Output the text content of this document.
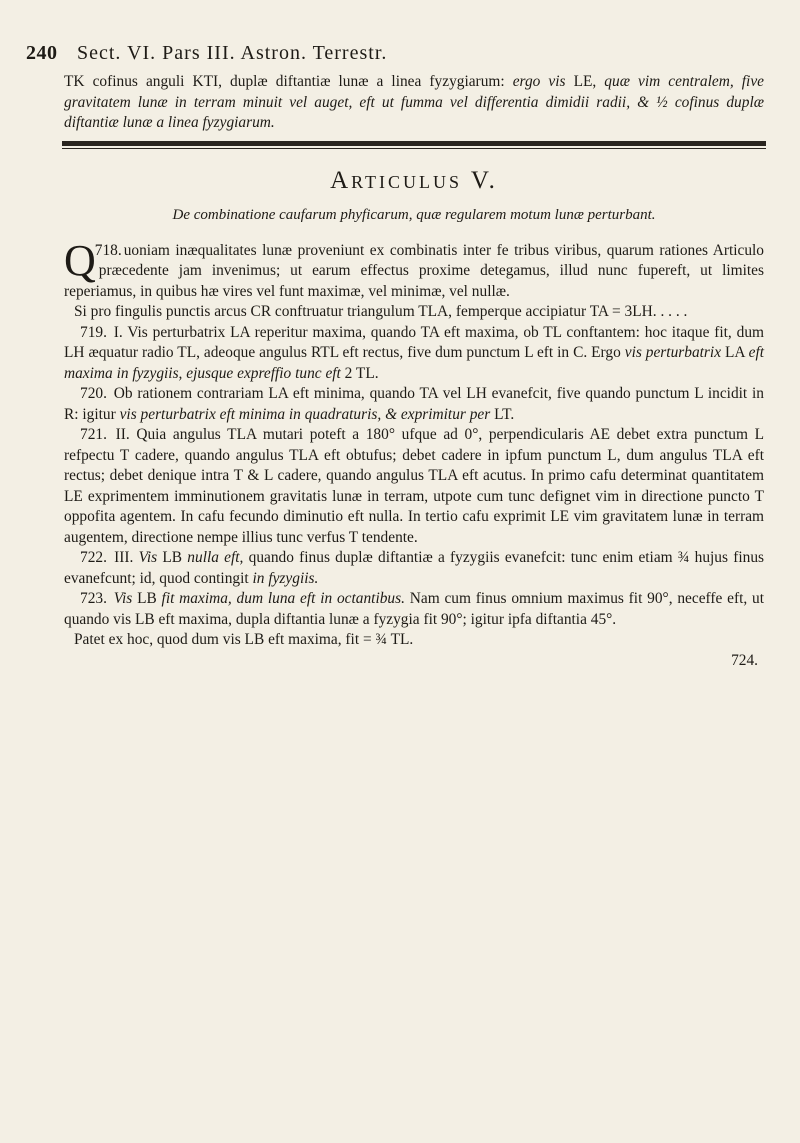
240 Sect. VI. Pars III. Astron. Terrestr.

TK cofinus anguli KTI, duplæ diftantiæ lunæ a linea fyzygiarum: ergo vis LE, quæ vim centralem, five gravitatem lunæ in terram minuit vel auget, eft ut fumma vel differentia dimidii radii, & ½ cofinus duplæ diftantiæ lunæ a linea fyzygiarum.

Articulus V.
De combinatione caufarum phyficarum, quæ regularem motum lunæ perturbant.

718.
Q uoniam inæqualitates lunæ proveniunt ex combinatis inter fe tribus viribus, quarum rationes Articulo præcedente jam invenimus; ut earum effectus proxime detegamus, illud nunc fupereft, ut limites reperiamus, in quibus hæ vires vel funt maximæ, vel minimæ, vel nullæ.

Si pro fingulis punctis arcus CR conftruatur triangulum TLA, femperque accipiatur TA = 3LH. . . . .

719. I. Vis perturbatrix LA reperitur maxima, quando TA eft maxima, ob TL conftantem: hoc itaque fit, dum LH æquatur radio TL, adeoque angulus RTL eft rectus, five dum punctum L eft in C. Ergo vis perturbatrix LA eft maxima in fyzygiis, ejusque expreffio tunc eft 2 TL.

720. Ob rationem contrariam LA eft minima, quando TA vel LH evanefcit, five quando punctum L incidit in R: igitur vis perturbatrix eft minima in quadraturis, & exprimitur per LT.

721. II. Quia angulus TLA mutari poteft a 180° ufque ad 0°, perpendicularis AE debet extra punctum L refpectu T cadere, quando angulus TLA eft obtufus; debet cadere in ipfum punctum L, dum angulus TLA eft rectus; debet denique intra T & L cadere, quando angulus TLA eft acutus. In primo cafu determinat quantitatem LE exprimentem imminutionem gravitatis lunæ in terram, utpote cum tunc defignet vim in directione puncto T oppofita agentem. In cafu fecundo diminutio eft nulla. In tertio cafu exprimit LE vim gravitatem lunæ in terram augentem, directione nempe illius tunc verfus T tendente.

722. III. Vis LB nulla eft, quando finus duplæ diftantiæ a fyzygiis evanefcit: tunc enim etiam ¾ hujus finus evanefcunt; id, quod contingit in fyzygiis.

723. Vis LB fit maxima, dum luna eft in octantibus. Nam cum finus omnium maximus fit 90°, neceffe eft, ut quando vis LB eft maxima, dupla diftantia lunæ a fyzygia fit 90°; igitur ipfa diftantia 45°.

Patet ex hoc, quod dum vis LB eft maxima, fit = ¾ TL.

724.
